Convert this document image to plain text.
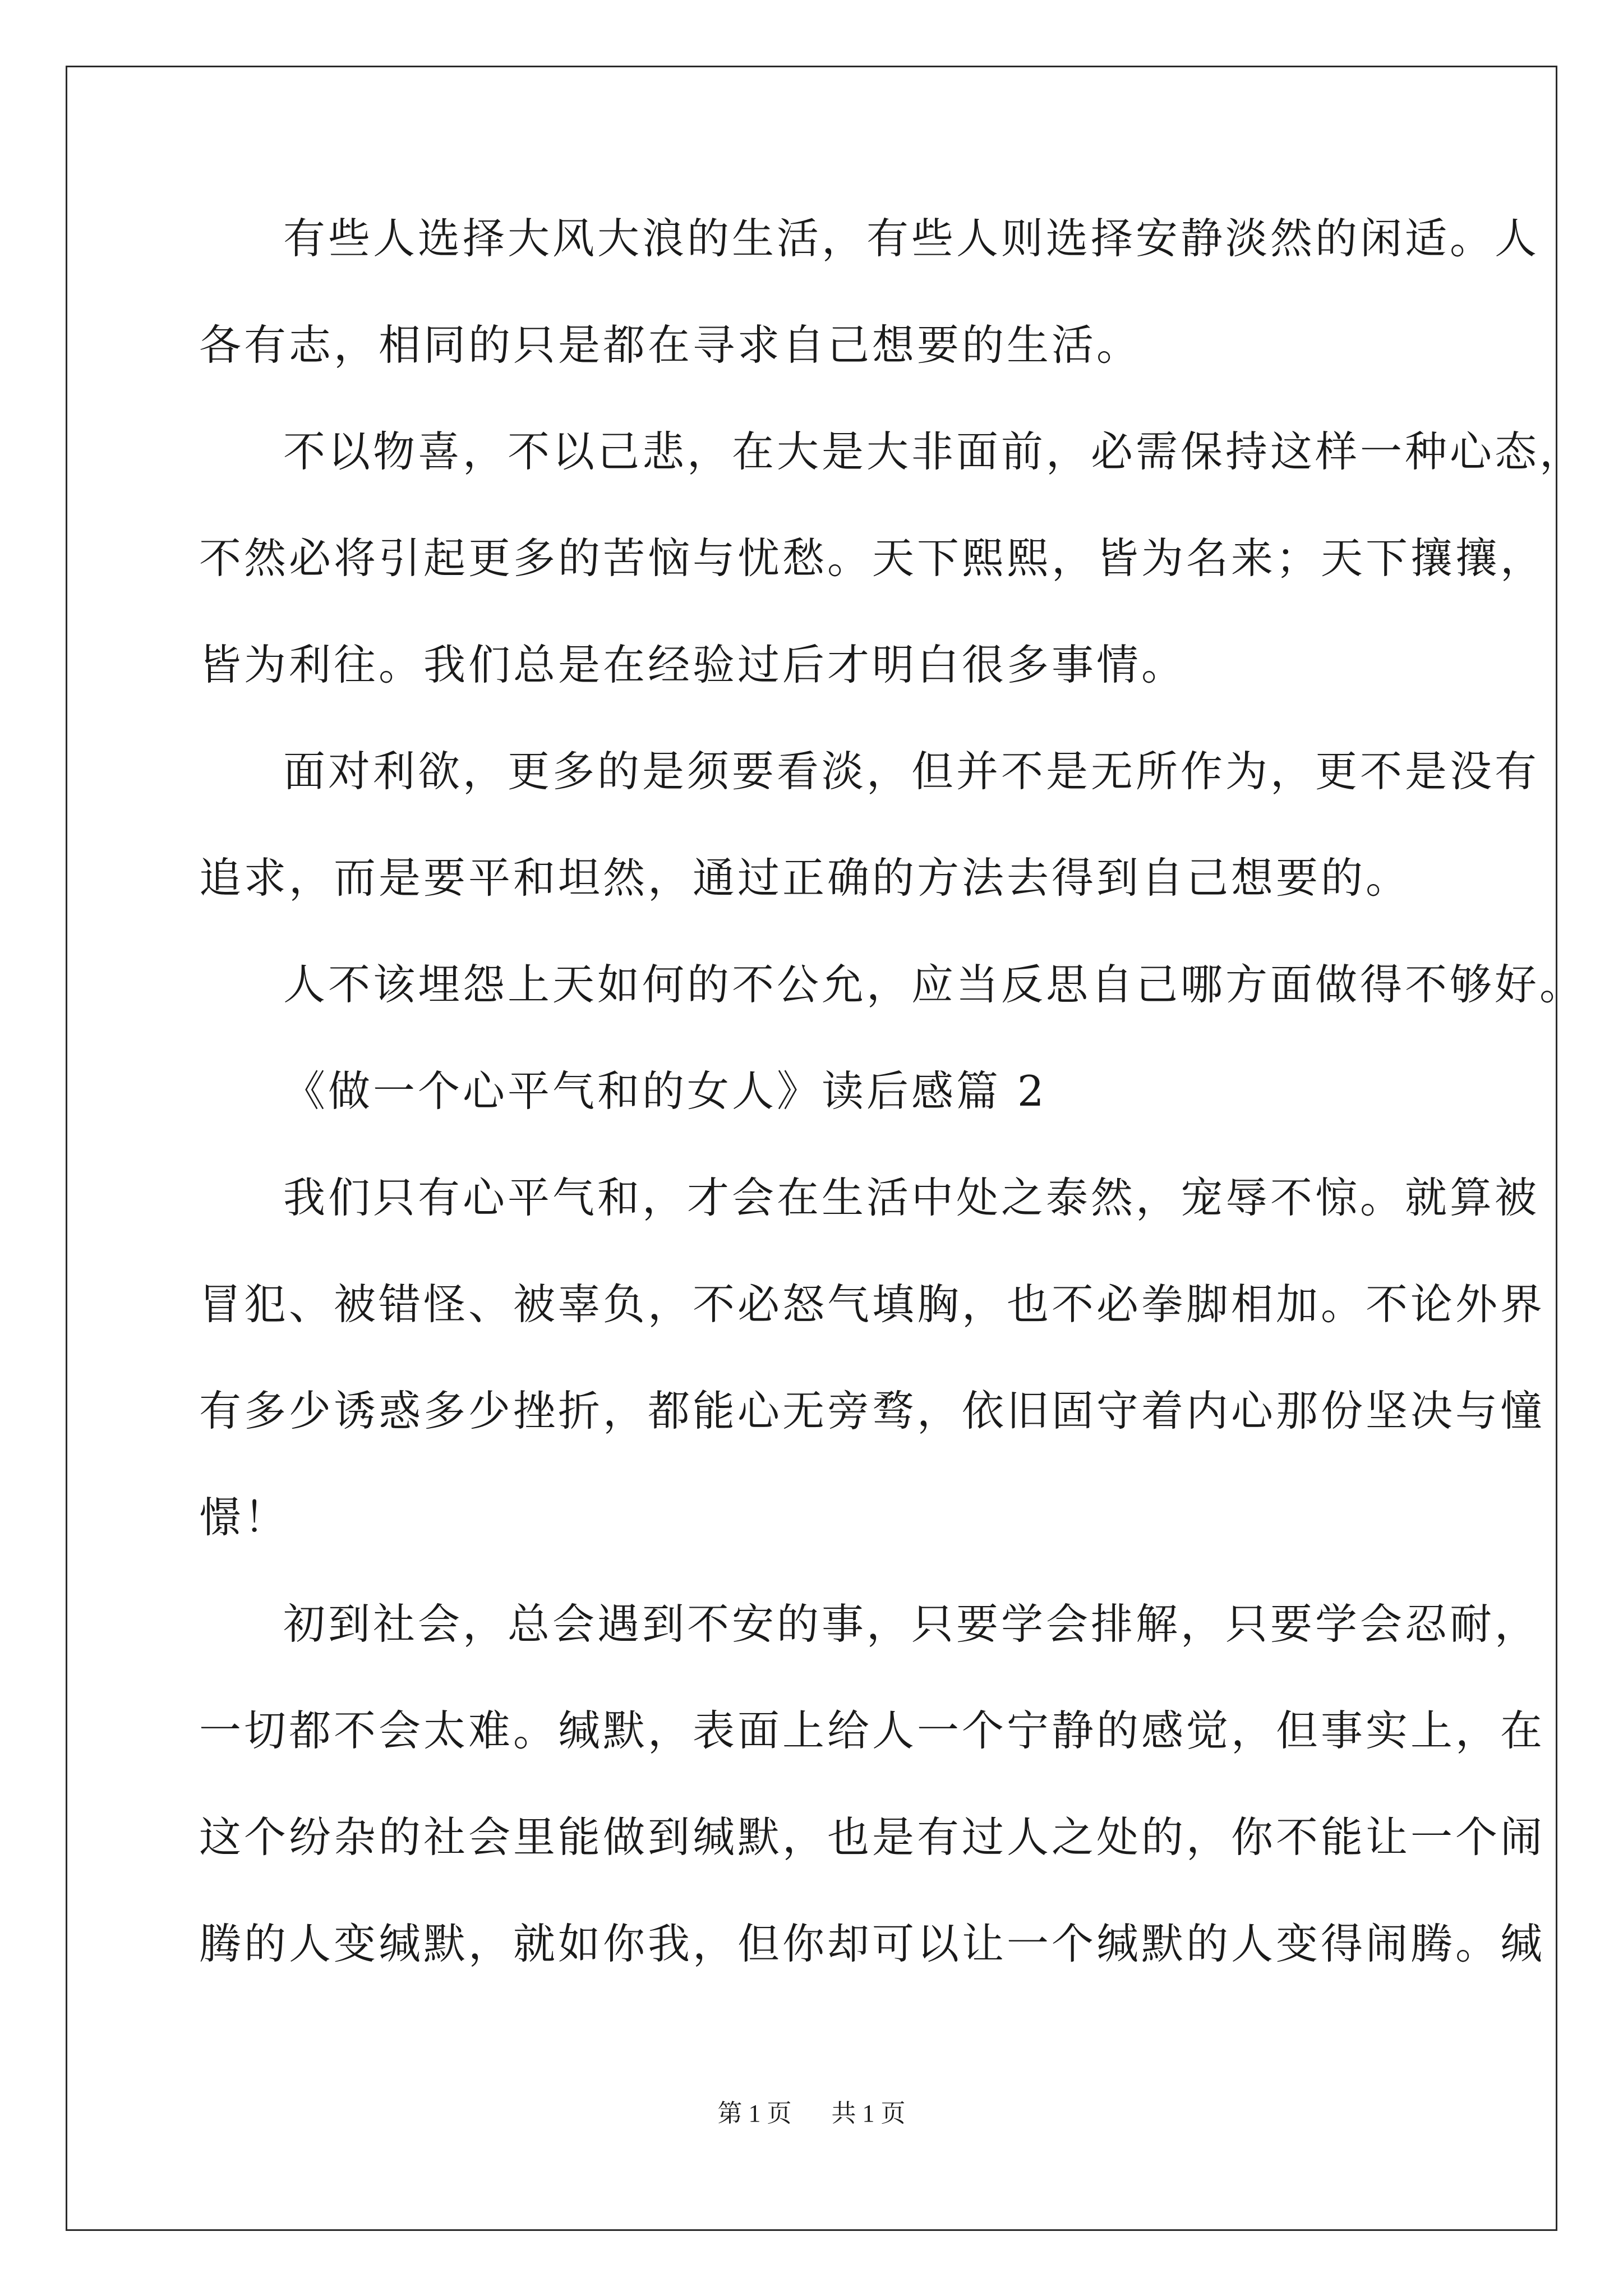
有些人选择大风大浪的生活，有些人则选择安静淡然的闲适。人
各有志，相同的只是都在寻求自己想要的生活。
不以物喜，不以己悲，在大是大非面前，必需保持这样一种心态，
不然必将引起更多的苦恼与忧愁。天下熙熙，皆为名来；天下攘攘，
皆为利往。我们总是在经验过后才明白很多事情。
面对利欲，更多的是须要看淡，但并不是无所作为，更不是没有
追求，而是要平和坦然，通过正确的方法去得到自己想要的。
人不该埋怨上天如何的不公允，应当反思自己哪方面做得不够好。
《做一个心平气和的女人》读后感篇 2
我们只有心平气和，才会在生活中处之泰然，宠辱不惊。就算被
冒犯、被错怪、被辜负，不必怒气填胸，也不必拳脚相加。不论外界
有多少诱惑多少挫折，都能心无旁骛，依旧固守着内心那份坚决与憧
憬！
初到社会，总会遇到不安的事，只要学会排解，只要学会忍耐，
一切都不会太难。缄默，表面上给人一个宁静的感觉，但事实上，在
这个纷杂的社会里能做到缄默，也是有过人之处的，你不能让一个闹
腾的人变缄默，就如你我，但你却可以让一个缄默的人变得闹腾。缄
第 1 页 共 1 页
